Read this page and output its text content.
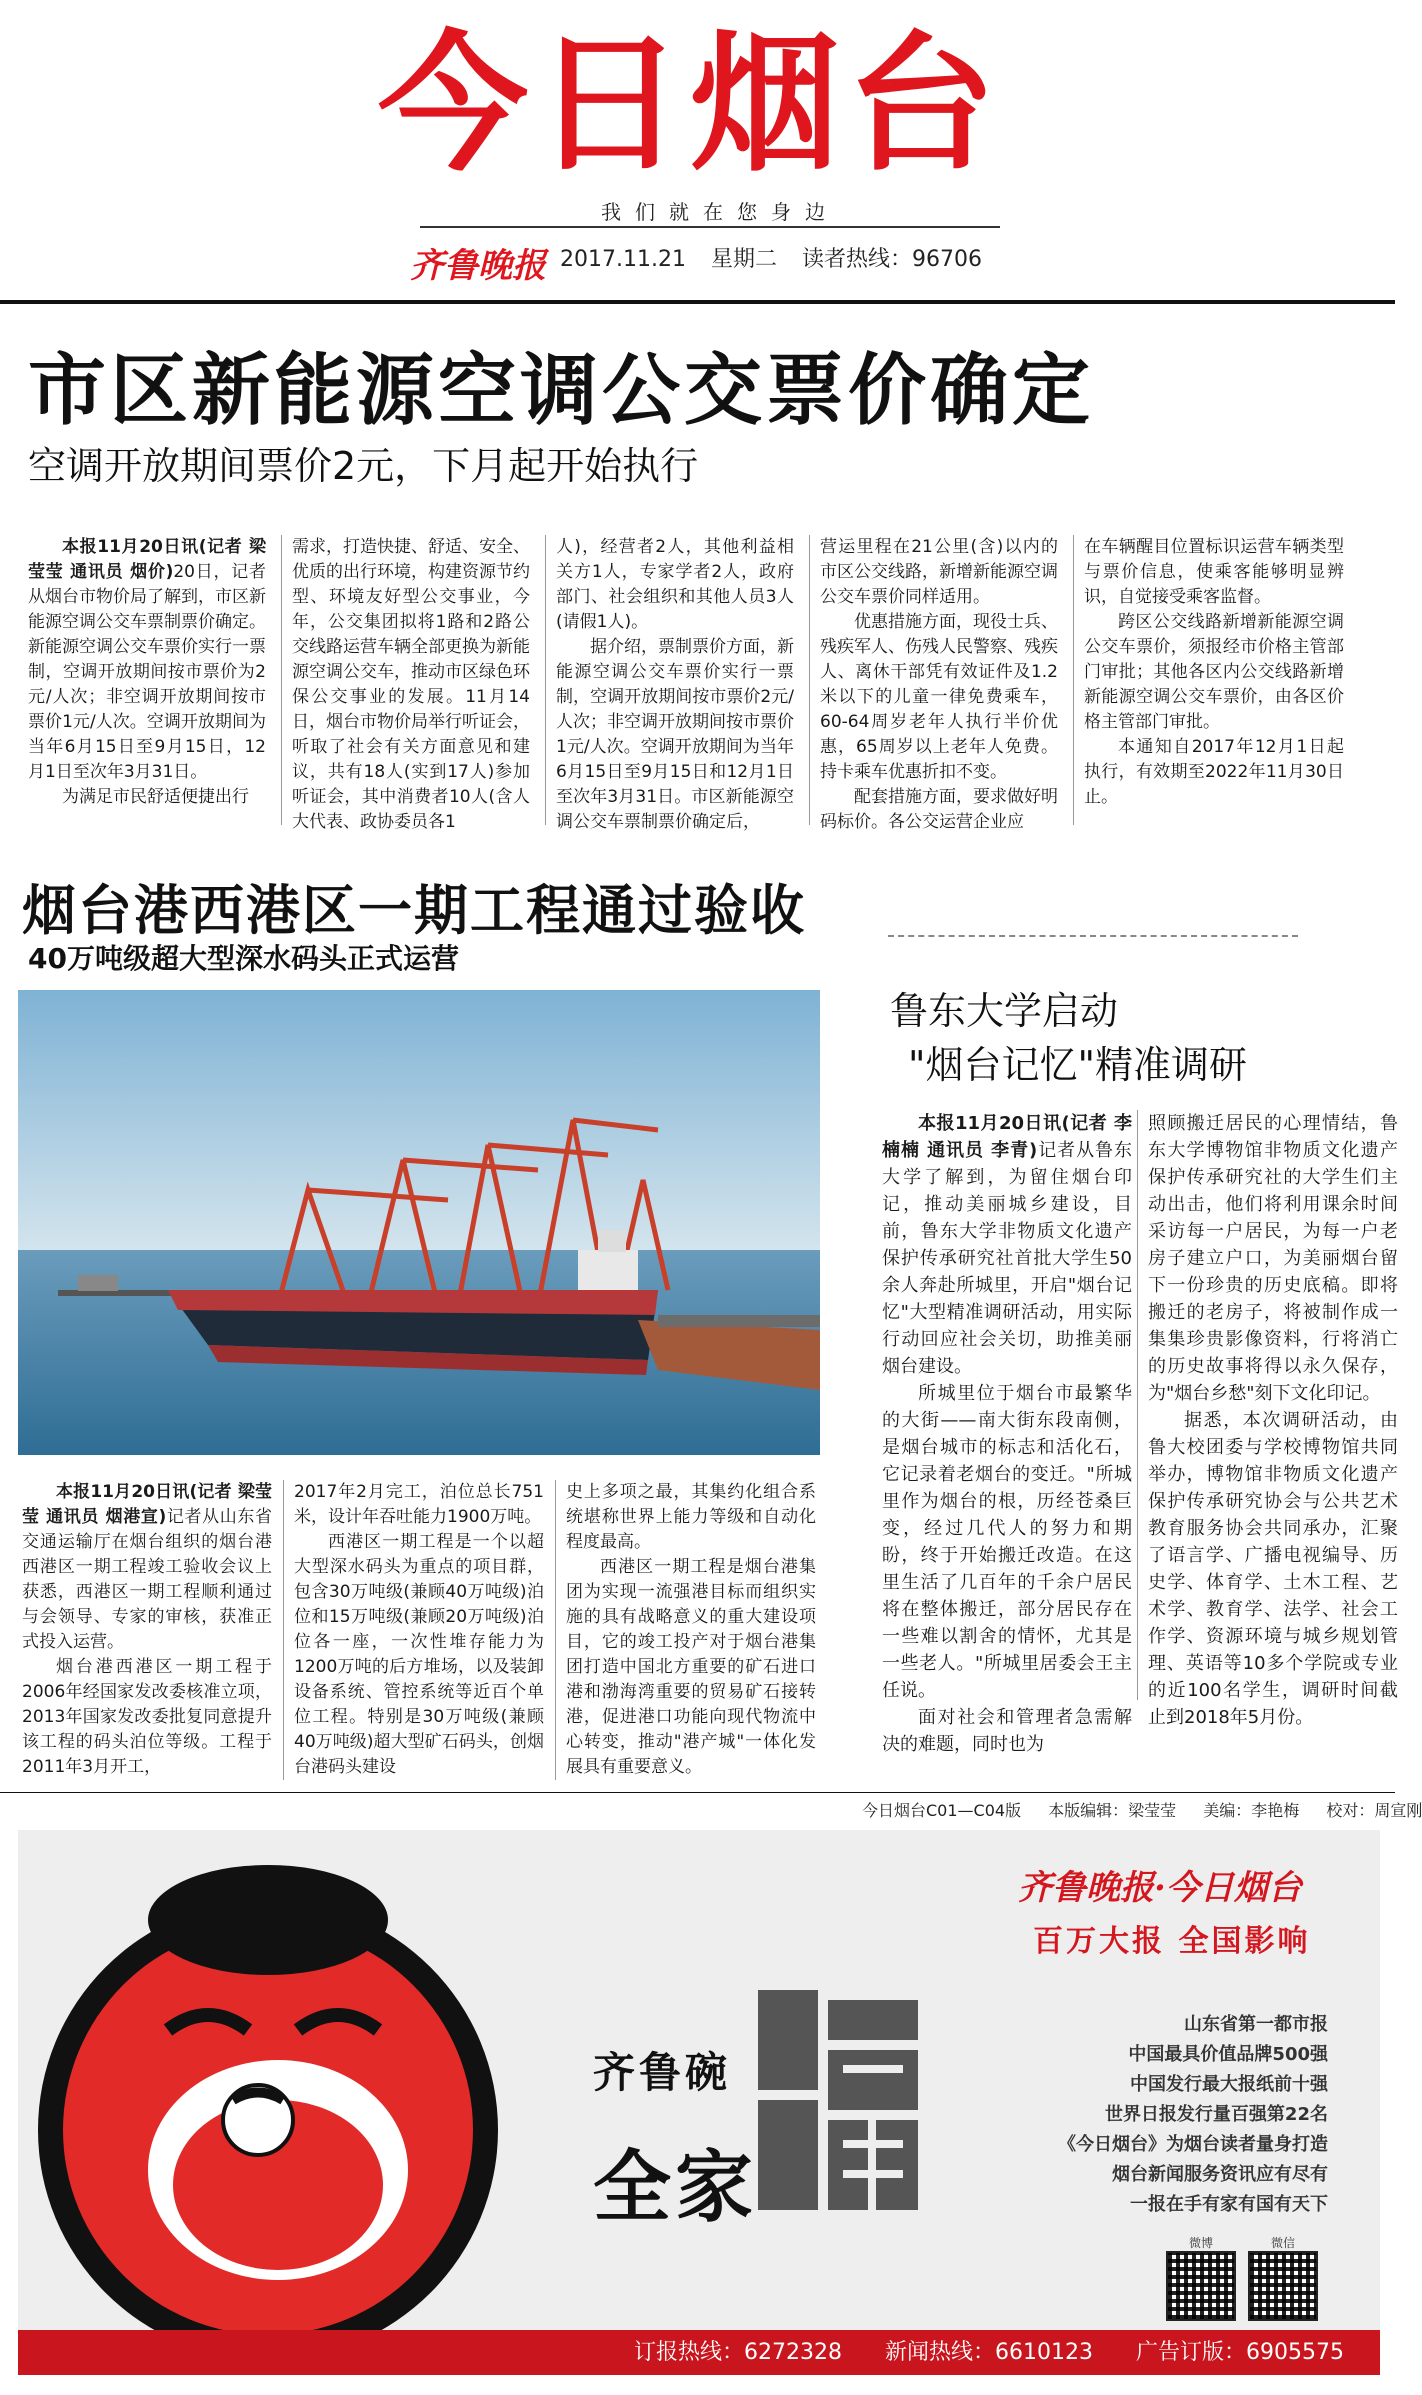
今日烟台
我们就在您身边
齐鲁晚报 2017.11.21 星期二 读者热线：96706
市区新能源空调公交票价确定
空调开放期间票价2元，下月起开始执行

本报11月20日讯(记者 梁莹莹 通讯员 烟价)20日，记者从烟台市物价局了解到，市区新能源空调公交车票制票价确定。新能源空调公交车票价实行一票制，空调开放期间按市票价为2元/人次；非空调开放期间按市票价1元/人次。空调开放期间为当年6月15日至9月15日，12月1日至次年3月31日。

为满足市民舒适便捷出行

需求，打造快捷、舒适、安全、优质的出行环境，构建资源节约型、环境友好型公交事业，今年，公交集团拟将1路和2路公交线路运营车辆全部更换为新能源空调公交车，推动市区绿色环保公交事业的发展。11月14日，烟台市物价局举行听证会，听取了社会有关方面意见和建议，共有18人(实到17人)参加听证会，其中消费者10人(含人大代表、政协委员各1

人)，经营者2人，其他利益相关方1人，专家学者2人，政府部门、社会组织和其他人员3人(请假1人)。

据介绍，票制票价方面，新能源空调公交车票价实行一票制，空调开放期间按市票价2元/人次；非空调开放期间按市票价1元/人次。空调开放期间为当年6月15日至9月15日和12月1日至次年3月31日。市区新能源空调公交车票制票价确定后，

营运里程在21公里(含)以内的市区公交线路，新增新能源空调公交车票价同样适用。

优惠措施方面，现役士兵、残疾军人、伤残人民警察、残疾人、离休干部凭有效证件及1.2米以下的儿童一律免费乘车，60-64周岁老年人执行半价优惠，65周岁以上老年人免费。持卡乘车优惠折扣不变。

配套措施方面，要求做好明码标价。各公交运营企业应

在车辆醒目位置标识运营车辆类型与票价信息，使乘客能够明显辨识，自觉接受乘客监督。

跨区公交线路新增新能源空调公交车票价，须报经市价格主管部门审批；其他各区内公交线路新增新能源空调公交车票价，由各区价格主管部门审批。

本通知自2017年12月1日起执行，有效期至2022年11月30日止。

烟台港西港区一期工程通过验收
40万吨级超大型深水码头正式运营

本报11月20日讯(记者 梁莹莹 通讯员 烟港宣)记者从山东省交通运输厅在烟台组织的烟台港西港区一期工程竣工验收会议上获悉，西港区一期工程顺利通过与会领导、专家的审核，获准正式投入运营。

烟台港西港区一期工程于2006年经国家发改委核准立项，2013年国家发改委批复同意提升该工程的码头泊位等级。工程于2011年3月开工，

2017年2月完工，泊位总长751米，设计年吞吐能力1900万吨。

西港区一期工程是一个以超大型深水码头为重点的项目群，包含30万吨级(兼顾40万吨级)泊位和15万吨级(兼顾20万吨级)泊位各一座，一次性堆存能力为1200万吨的后方堆场，以及装卸设备系统、管控系统等近百个单位工程。特别是30万吨级(兼顾40万吨级)超大型矿石码头，创烟台港码头建设

史上多项之最，其集约化组合系统堪称世界上能力等级和自动化程度最高。

西港区一期工程是烟台港集团为实现一流强港目标而组织实施的具有战略意义的重大建设项目，它的竣工投产对于烟台港集团打造中国北方重要的矿石进口港和渤海湾重要的贸易矿石接转港，促进港口功能向现代物流中心转变，推动"港产城"一体化发展具有重要意义。

鲁东大学启动
"烟台记忆"精准调研

本报11月20日讯(记者 李楠楠 通讯员 李青)记者从鲁东大学了解到，为留住烟台印记，推动美丽城乡建设，目前，鲁东大学非物质文化遗产保护传承研究社首批大学生50余人奔赴所城里，开启"烟台记忆"大型精准调研活动，用实际行动回应社会关切，助推美丽烟台建设。

所城里位于烟台市最繁华的大街——南大街东段南侧，是烟台城市的标志和活化石，它记录着老烟台的变迁。"所城里作为烟台的根，历经苍桑巨变，经过几代人的努力和期盼，终于开始搬迁改造。在这里生活了几百年的千余户居民将在整体搬迁，部分居民存在一些难以割舍的情怀，尤其是一些老人。"所城里居委会王主任说。

面对社会和管理者急需解决的难题，同时也为

照顾搬迁居民的心理情结，鲁东大学博物馆非物质文化遗产保护传承研究社的大学生们主动出击，他们将利用课余时间采访每一户居民，为每一户老房子建立户口，为美丽烟台留下一份珍贵的历史底稿。即将搬迁的老房子，将被制作成一集集珍贵影像资料，行将消亡的历史故事将得以永久保存，为"烟台乡愁"刻下文化印记。

据悉，本次调研活动，由鲁大校团委与学校博物馆共同举办，博物馆非物质文化遗产保护传承研究协会与公共艺术教育服务协会共同承办，汇聚了语言学、广播电视编导、历史学、体育学、土木工程、艺术学、教育学、法学、社会工作学、资源环境与城乡规划管理、英语等10多个学院或专业的近100名学生，调研时间截止到2018年5月份。

今日烟台C01—C04版 本版编辑：梁莹莹 美编：李艳梅 校对：周宣刚
齐鲁碗
全家
齐鲁晚报·今日烟台
百万大报 全国影响
山东省第一都市报
中国最具价值品牌500强
中国发行最大报纸前十强
世界日报发行量百强第22名
《今日烟台》为烟台读者量身打造
烟台新闻服务资讯应有尽有
一报在手有家有国有天下
微博	微信
订报热线：6272328 新闻热线：6610123 广告订版：6905575
